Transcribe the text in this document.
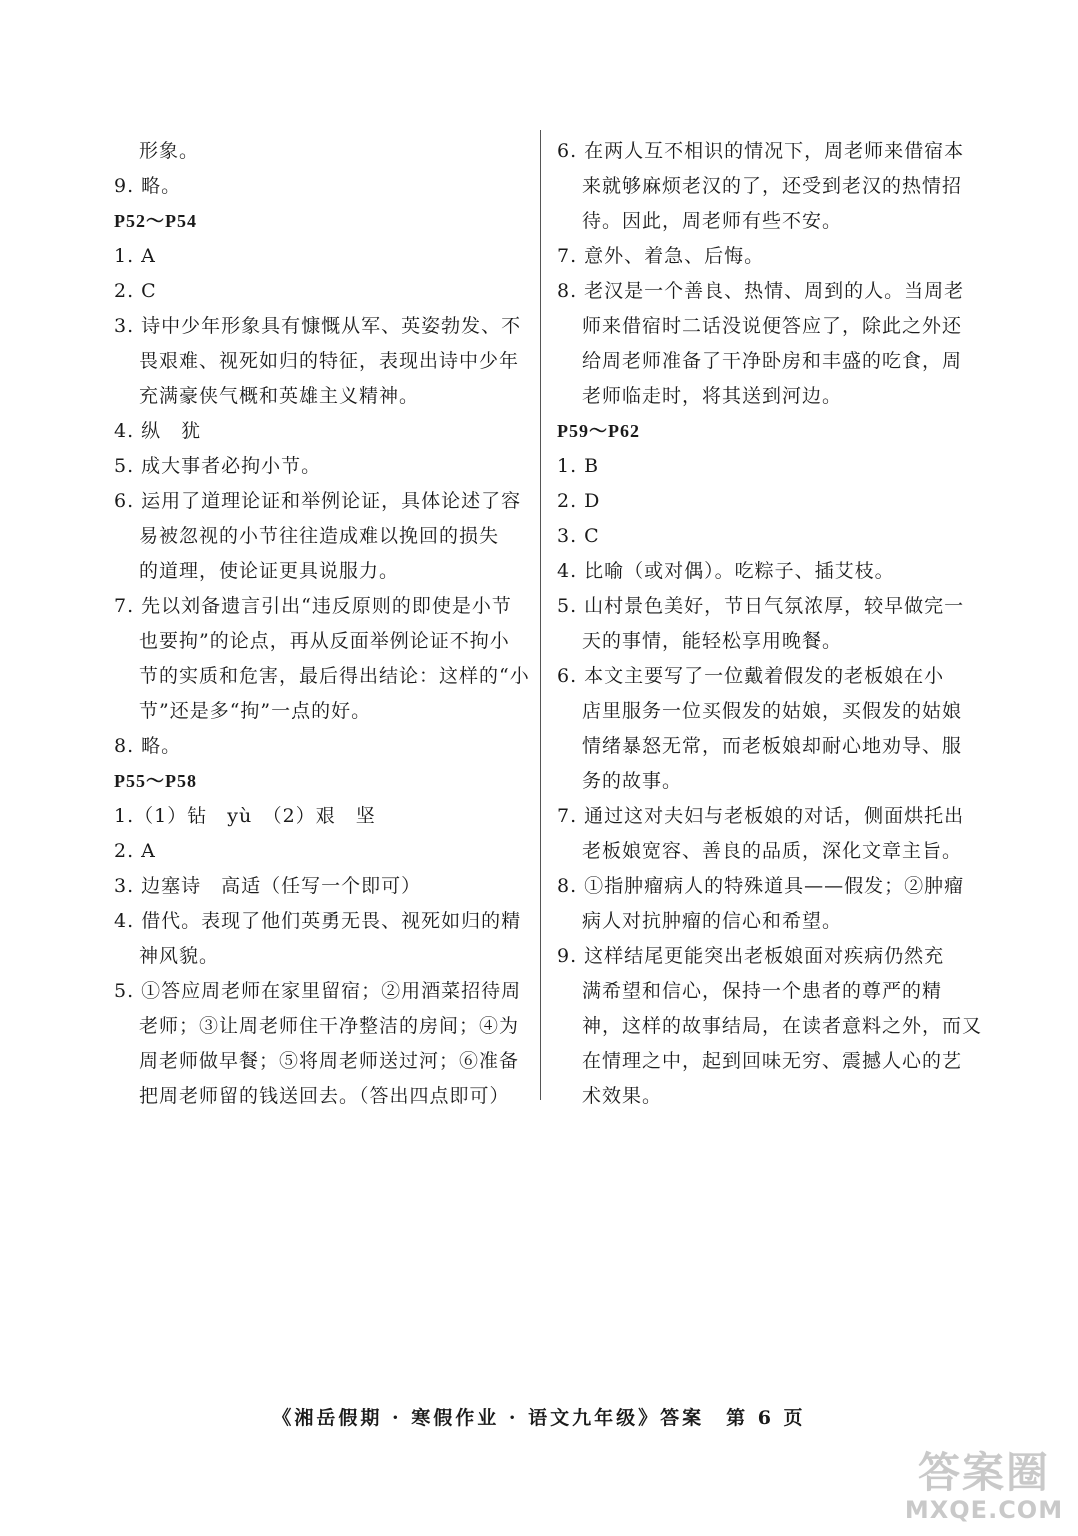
形象。
9. 略。
P52～P54
1. A
2. C
3. 诗中少年形象具有慷慨从军、英姿勃发、不
畏艰难、视死如归的特征，表现出诗中少年
充满豪侠气概和英雄主义精神。
4. 纵　犹
5. 成大事者必拘小节。
6. 运用了道理论证和举例论证，具体论述了容
易被忽视的小节往往造成难以挽回的损失
的道理，使论证更具说服力。
7. 先以刘备遗言引出“违反原则的即使是小节
也要拘”的论点，再从反面举例论证不拘小
节的实质和危害，最后得出结论：这样的“小
节”还是多“拘”一点的好。
8. 略。
P55～P58
1.（1）钻　yù　（2）艰　坚
2. A
3. 边塞诗　高适（任写一个即可）
4. 借代。表现了他们英勇无畏、视死如归的精
神风貌。
5. ①答应周老师在家里留宿；②用酒菜招待周
老师；③让周老师住干净整洁的房间；④为
周老师做早餐；⑤将周老师送过河；⑥准备
把周老师留的钱送回去。（答出四点即可）
6. 在两人互不相识的情况下，周老师来借宿本
来就够麻烦老汉的了，还受到老汉的热情招
待。因此，周老师有些不安。
7. 意外、着急、后悔。
8. 老汉是一个善良、热情、周到的人。当周老
师来借宿时二话没说便答应了，除此之外还
给周老师准备了干净卧房和丰盛的吃食，周
老师临走时，将其送到河边。
P59～P62
1. B
2. D
3. C
4. 比喻（或对偶）。吃粽子、插艾枝。
5. 山村景色美好，节日气氛浓厚，较早做完一
天的事情，能轻松享用晚餐。
6. 本文主要写了一位戴着假发的老板娘在小
店里服务一位买假发的姑娘，买假发的姑娘
情绪暴怒无常，而老板娘却耐心地劝导、服
务的故事。
7. 通过这对夫妇与老板娘的对话，侧面烘托出
老板娘宽容、善良的品质，深化文章主旨。
8. ①指肿瘤病人的特殊道具——假发；②肿瘤
病人对抗肿瘤的信心和希望。
9. 这样结尾更能突出老板娘面对疾病仍然充
满希望和信心，保持一个患者的尊严的精
神，这样的故事结局，在读者意料之外，而又
在情理之中，起到回味无穷、震撼人心的艺
术效果。
《湘岳假期 · 寒假作业 · 语文九年级》答案　第 6 页
答案圈
MXQE.COM
